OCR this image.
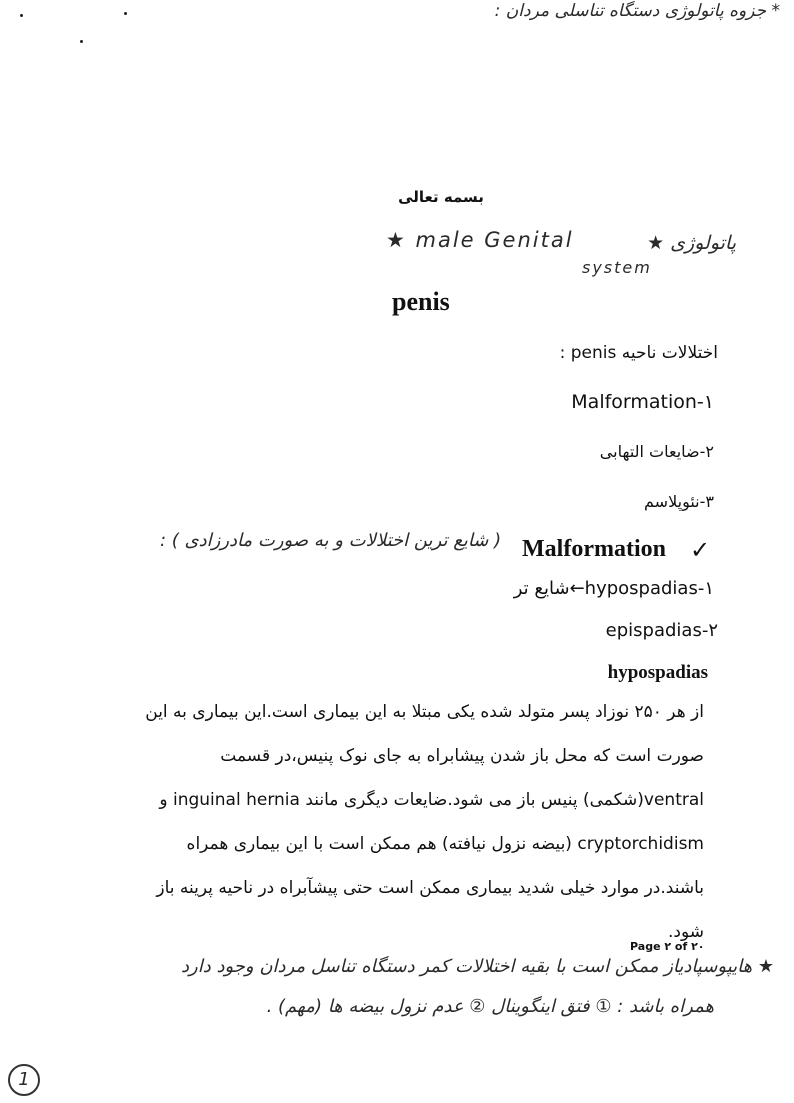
* جزوه پاتولوژی دستگاه تناسلی مردان :
بسمه تعالی
★ male Genital
system
پاتولوژی ★
penis
اختلالات ناحیه penis :
Malformation-۱
۲-ضایعات التهابی
۳-نئوپلاسم
( شایع ترین اختلالات و به صورت مادرزادی ) : Malformation ✓
۱-hypospadias←شایع تر
epispadias-۲
hypospadias
از هر ۲۵۰ نوزاد پسر متولد شده یکی مبتلا به این بیماری است.این بیماری به این
صورت است که محل باز شدن پیشابراه به جای نوک پنیس،در قسمت
ventral(شکمی) پنیس باز می شود.ضایعات دیگری مانند inguinal hernia و
cryptorchidism (بیضه نزول نیافته) هم ممکن است با این بیماری همراه
باشند.در موارد خیلی شدید بیماری ممکن است حتی پیشآبراه در ناحیه پرینه باز
شود.
Page ۲ of ۲۰
★ هایپوسپادیاز ممکن است با بقیه اختلالات کمر دستگاه تناسل مردان وجود دارد
همراه باشد : ① فتق اینگوینال ② عدم نزول بیضه ها (مهم) .
1
